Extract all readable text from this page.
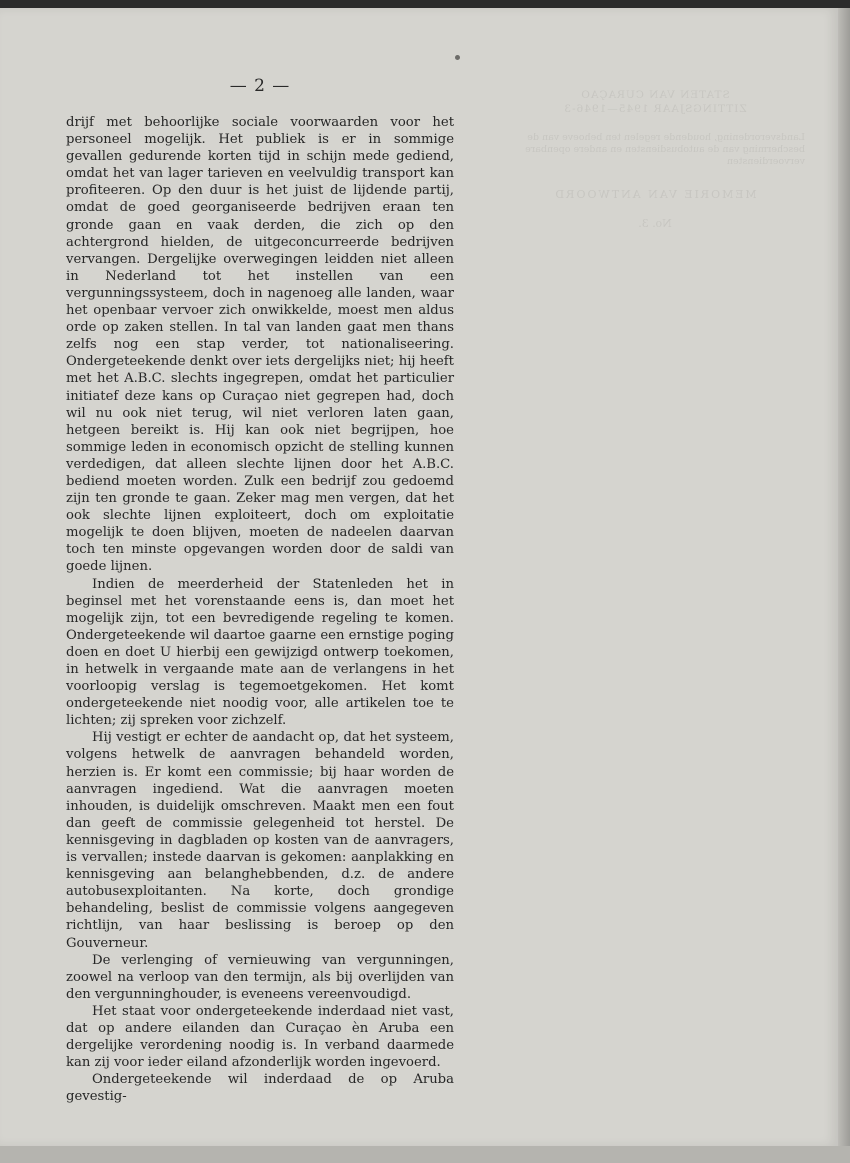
STATEN VAN CURAÇAO
ZITTINGSJAAR 1945—1946-3
Landsverordening, houdende regelen ten behoeve van de bescherming van de autobusdiensten en andere openbare vervoerdiensten
MEMORIE VAN ANTWOORD
No. 3.
— 2 —

drijf met behoorlijke sociale voorwaarden voor het personeel mogelijk. Het publiek is er in sommige gevallen gedurende korten tijd in schijn mede gediend, omdat het van lager tarieven en veelvuldig transport kan profiteeren. Op den duur is het juist de lijdende partij, omdat de goed georganiseerde bedrijven eraan ten gronde gaan en vaak derden, die zich op den achtergrond hielden, de uitgeconcurreerde bedrijven vervangen. Dergelijke overwegingen leidden niet alleen in Nederland tot het instellen van een vergunningssysteem, doch in nagenoeg alle landen, waar het openbaar vervoer zich onwikkelde, moest men aldus orde op zaken stellen. In tal van landen gaat men thans zelfs nog een stap verder, tot nationaliseering. Ondergeteekende denkt over iets dergelijks niet; hij heeft met het A.B.C. slechts ingegrepen, omdat het particulier initiatef deze kans op Curaçao niet gegrepen had, doch wil nu ook niet terug, wil niet verloren laten gaan, hetgeen bereikt is. Hij kan ook niet begrijpen, hoe sommige leden in economisch opzicht de stelling kunnen verdedigen, dat alleen slechte lijnen door het A.B.C. bediend moeten worden. Zulk een bedrijf zou gedoemd zijn ten gronde te gaan. Zeker mag men vergen, dat het ook slechte lijnen exploiteert, doch om exploitatie mogelijk te doen blijven, moeten de nadeelen daarvan toch ten minste opgevangen worden door de saldi van goede lijnen.

Indien de meerderheid der Statenleden het in beginsel met het vorenstaande eens is, dan moet het mogelijk zijn, tot een bevredigende regeling te komen. Ondergeteekende wil daartoe gaarne een ernstige poging doen en doet U hierbij een gewijzigd ontwerp toekomen, in hetwelk in vergaande mate aan de verlangens in het voorloopig verslag is tegemoetgekomen. Het komt ondergeteekende niet noodig voor, alle artikelen toe te lichten; zij spreken voor zichzelf.

Hij vestigt er echter de aandacht op, dat het systeem, volgens hetwelk de aanvragen behandeld worden, herzien is. Er komt een commissie; bij haar worden de aanvragen ingediend. Wat die aanvragen moeten inhouden, is duidelijk omschreven. Maakt men een fout dan geeft de commissie gelegenheid tot herstel. De kennisgeving in dagbladen op kosten van de aanvragers, is vervallen; instede daarvan is gekomen: aanplakking en kennisgeving aan belanghebbenden, d.z. de andere autobusexploitanten. Na korte, doch grondige behandeling, beslist de commissie volgens aangegeven richtlijn, van haar beslissing is beroep op den Gouverneur.

De verlenging of vernieuwing van vergunningen, zoowel na verloop van den termijn, als bij overlijden van den vergunninghouder, is eveneens vereenvoudigd.

Het staat voor ondergeteekende inderdaad niet vast, dat op andere eilanden dan Curaçao èn Aruba een dergelijke verordening noodig is. In verband daarmede kan zij voor ieder eiland afzonderlijk worden ingevoerd.

Ondergeteekende wil inderdaad de op Aruba gevestig-
